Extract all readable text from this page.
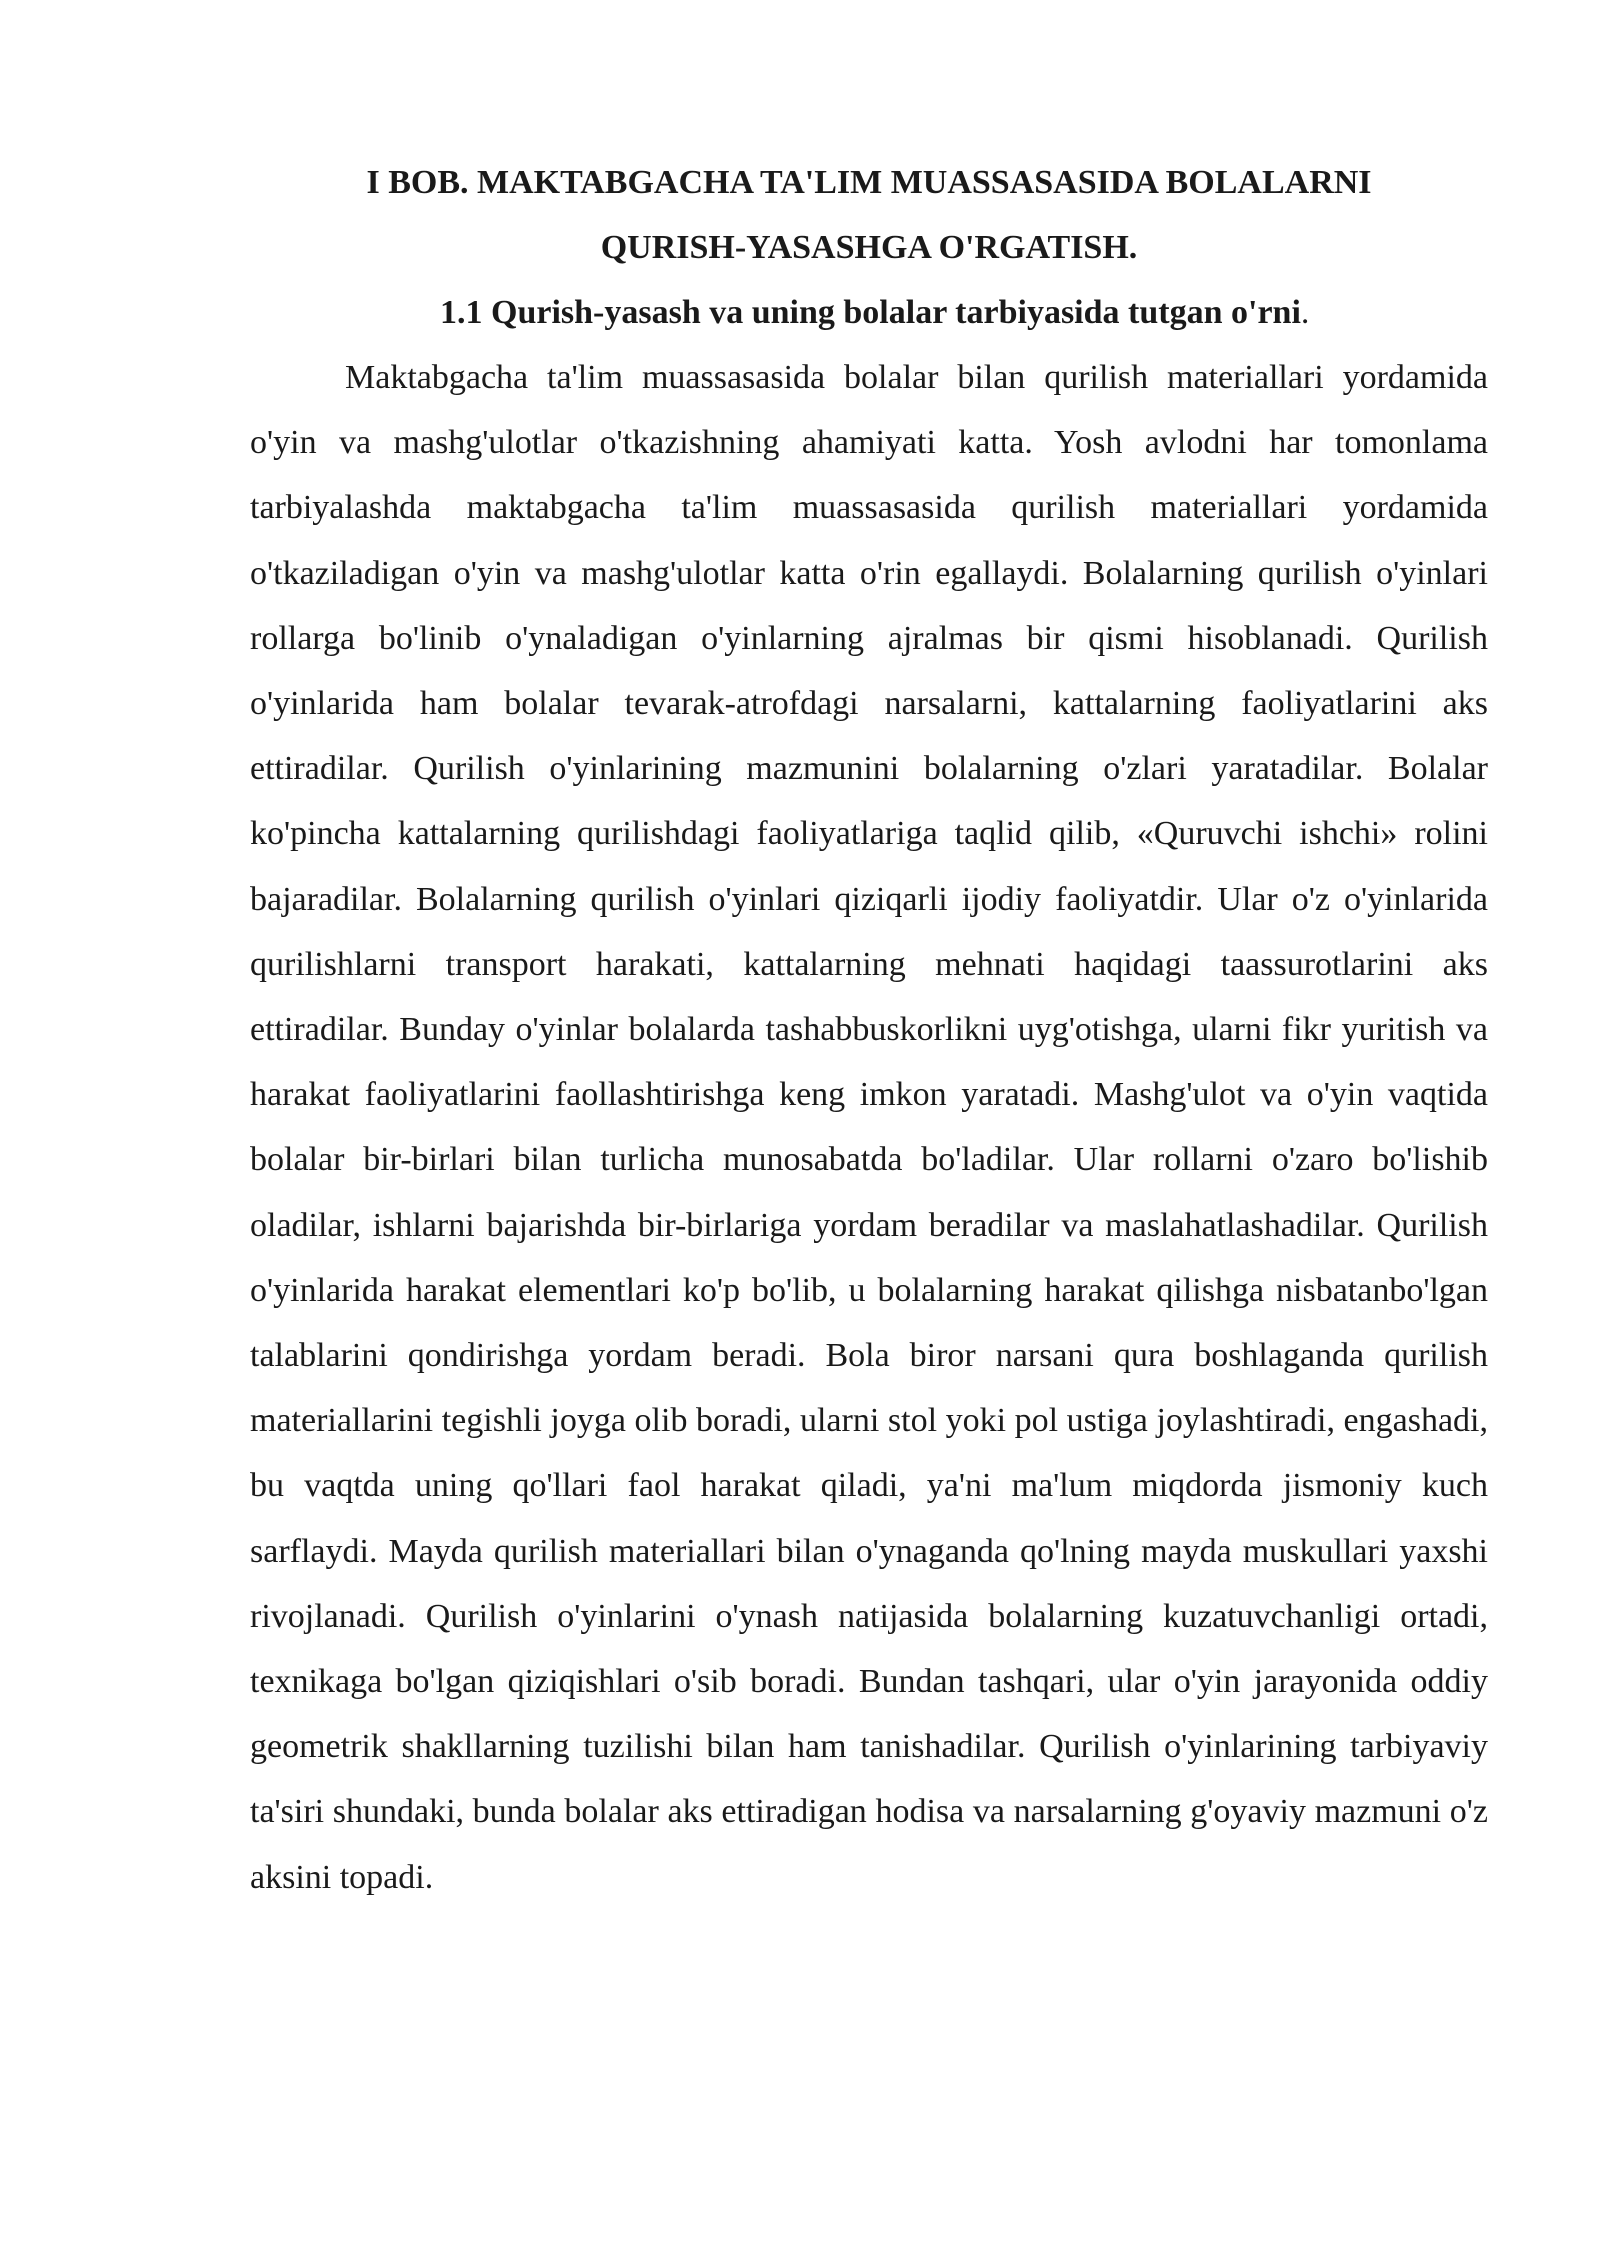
I BOB. MAKTABGACHA TA'LIM MUASSASASIDA BOLALARNI
QURISH-YASASHGA O'RGATISH.
1.1 Qurish-yasash va uning bolalar tarbiyasida tutgan o'rni.

Maktabgacha ta'lim muassasasida bolalar bilan qurilish materiallari yordamida o'yin va mashg'ulotlar o'tkazishning ahamiyati katta. Yosh avlodni har tomonlama tarbiyalashda maktabgacha ta'lim muassasasida qurilish materiallari yordamida o'tkaziladigan o'yin va mashg'ulotlar katta o'rin egallaydi. Bolalarning qurilish o'yinlari rollarga bo'linib o'ynaladigan o'yinlarning ajralmas bir qismi hisoblanadi. Qurilish o'yinlarida ham bolalar tevarak-atrofdagi narsalarni, kattalarning faoliyatlarini aks ettiradilar. Qurilish o'yinlarining mazmunini bolalarning o'zlari yaratadilar. Bolalar ko'pincha kattalarning qurilishdagi faoliyatlariga taqlid qilib, «Quruvchi ishchi» rolini bajaradilar. Bolalarning qurilish o'yinlari qiziqarli ijodiy faoliyatdir. Ular o'z o'yinlarida qurilishlarni transport harakati, kattalarning mehnati haqidagi taassurotlarini aks ettiradilar. Bunday o'yinlar bolalarda tashabbuskorlikni uyg'otishga, ularni fikr yuritish va harakat faoliyatlarini faollashtirishga keng imkon yaratadi. Mashg'ulot va o'yin vaqtida bolalar bir-birlari bilan turlicha munosabatda bo'ladilar. Ular rollarni o'zaro bo'lishib oladilar, ishlarni bajarishda bir-birlariga yordam beradilar va maslahatlashadilar. Qurilish o'yinlarida harakat elementlari ko'p bo'lib, u bolalarning harakat qilishga nisbatanbo'lgan talablarini qondirishga yordam beradi. Bola biror narsani qura boshlaganda qurilish materiallarini tegishli joyga olib boradi, ularni stol yoki pol ustiga joylashtiradi, engashadi, bu vaqtda uning qo'llari faol harakat qiladi, ya'ni ma'lum miqdorda jismoniy kuch sarflaydi. Mayda qurilish materiallari bilan o'ynaganda qo'lning mayda muskullari yaxshi rivojlanadi. Qurilish o'yinlarini o'ynash natijasida bolalarning kuzatuvchanligi ortadi, texnikaga bo'lgan qiziqishlari o'sib boradi. Bundan tashqari, ular o'yin jarayonida oddiy geometrik shakllarning tuzilishi bilan ham tanishadilar. Qurilish o'yinlarining tarbiyaviy ta'siri shundaki, bunda bolalar aks ettiradigan hodisa va narsalarning g'oyaviy mazmuni o'z aksini topadi.
